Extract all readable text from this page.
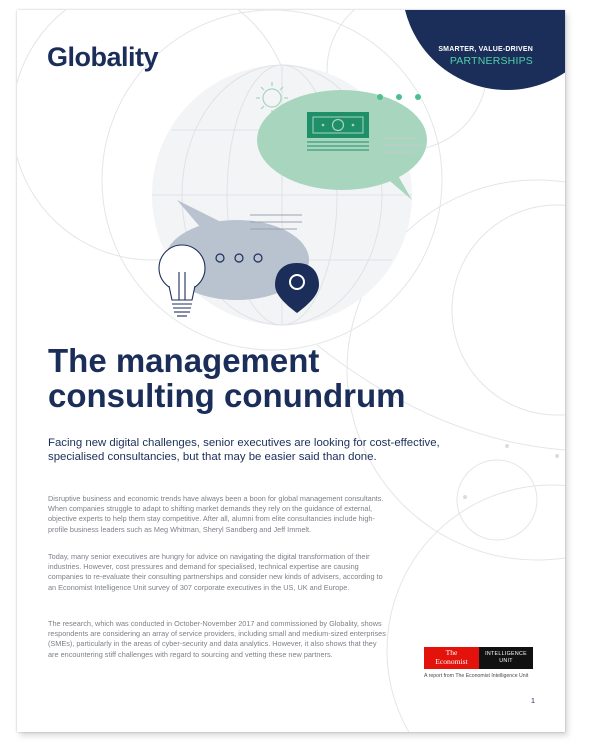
Globality	SMARTER, VALUE-DRIVEN
PARTNERSHIPS
The management
consulting conundrum

Facing new digital challenges, senior executives are looking for cost-effective, specialised consultancies, but that may be easier said than done.

Disruptive business and economic trends have always been a boon for global management consultants. When companies struggle to adapt to shifting market demands they rely on the guidance of external, objective experts to help them stay competitive. After all, alumni from elite consultancies include high-profile business leaders such as Meg Whitman, Sheryl Sandberg and Jeff Immelt.

Today, many senior executives are hungry for advice on navigating the digital transformation of their industries. However, cost pressures and demand for specialised, technical expertise are causing companies to re-evaluate their consulting partnerships and consider new kinds of advisers, according to an Economist Intelligence Unit survey of 307 corporate executives in the US, UK and Europe.

The research, which was conducted in October-November 2017 and commissioned by Globality, shows respondents are considering an array of service providers, including small and medium-sized enterprises (SMEs), particularly in the areas of cyber-security and data analytics. However, it also shows that they are encountering stiff challenges with regard to sourcing and vetting these new partners.	The
Economist
INTELLIGENCE
UNIT
A report from The Economist Intelligence Unit
1
